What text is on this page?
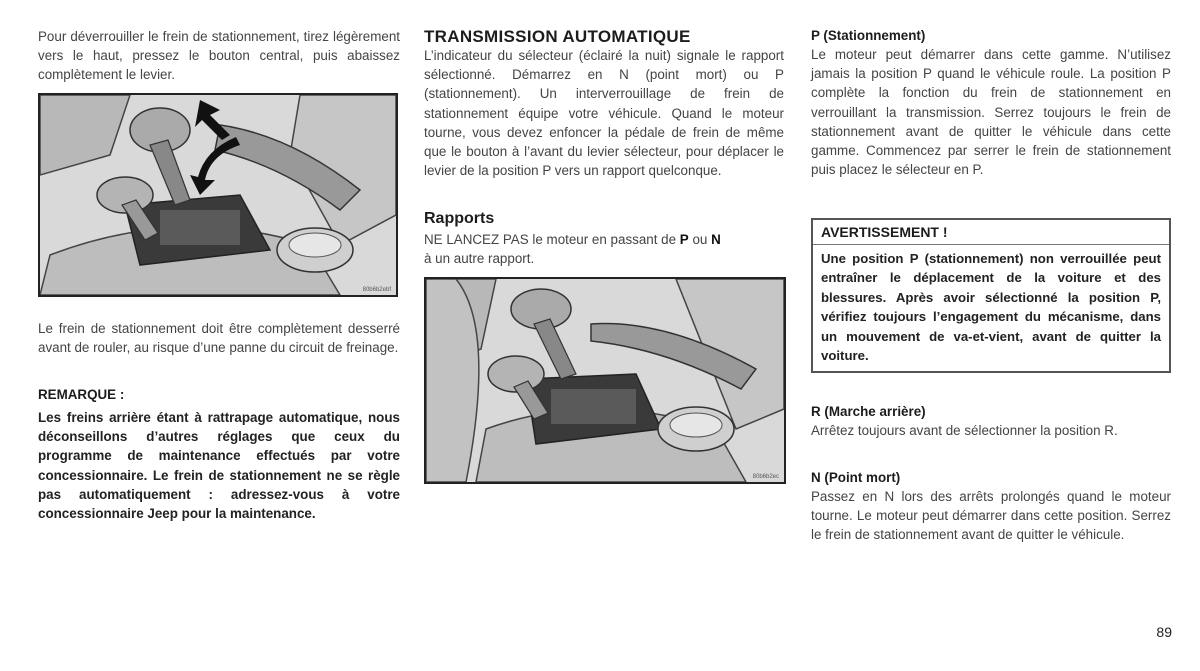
Pour déverrouiller le frein de stationnement, tirez légèrement vers le haut, pressez le bouton central, puis abaissez complètement le levier.

80b6b2ebf

Le frein de stationnement doit être complètement desserré avant de rouler, au risque d’une panne du circuit de freinage.

REMARQUE :

Les freins arrière étant à rattrapage automatique, nous déconseillons d’autres réglages que ceux du programme de maintenance effectués par votre concessionnaire. Le frein de stationnement ne se règle pas automatiquement : adressez-vous à votre concessionnaire Jeep pour la maintenance.

TRANSMISSION AUTOMATIQUE

L’indicateur du sélecteur (éclairé la nuit) signale le rapport sélectionné. Démarrez en N (point mort) ou P (stationnement). Un interverrouillage de frein de stationnement équipe votre véhicule. Quand le moteur tourne, vous devez enfoncer la pédale de frein de même que le bouton à l’avant du levier sélecteur, pour déplacer le levier de la position P vers un rapport quelconque.

Rapports

NE LANCEZ PAS le moteur en passant de P ou N
à un autre rapport.

80b6b2ec
P (Stationnement)

Le moteur peut démarrer dans cette gamme. N’utilisez jamais la position P quand le véhicule roule. La position P complète la fonction du frein de stationnement en verrouillant la transmission. Serrez toujours le frein de stationnement avant de quitter le véhicule dans cette gamme. Commencez par serrer le frein de stationnement puis placez le sélecteur en P.

AVERTISSEMENT !
Une position P (stationnement) non verrouillée peut entraîner le déplacement de la voiture et des blessures. Après avoir sélectionné la position P, vérifiez toujours l’engagement du mécanisme, dans un mouvement de va-et-vient, avant de quitter la voiture.
R (Marche arrière)

Arrêtez toujours avant de sélectionner la position R.

N (Point mort)

Passez en N lors des arrêts prolongés quand le moteur tourne. Le moteur peut démarrer dans cette position. Serrez le frein de stationnement avant de quitter le véhicule.

89
